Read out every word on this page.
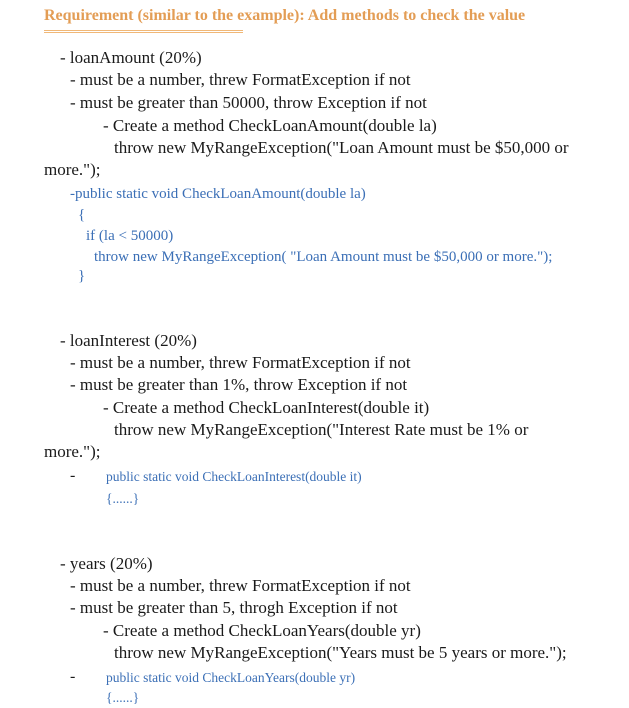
Requirement (similar to the example): Add methods to check the value
- loanAmount (20%)
- must be a number, threw FormatException if not
- must be greater than 50000, throw Exception if not
- Create a method CheckLoanAmount(double la)
throw new MyRangeException("Loan Amount must be $50,000 or
more.");
-public static void CheckLoanAmount(double la)
{
if (la < 50000)
throw new MyRangeException( "Loan Amount must be $50,000 or more.");
}
- loanInterest (20%)
- must be a number, threw FormatException if not
- must be greater than 1%, throw Exception if not
- Create a method CheckLoanInterest(double it)
throw new MyRangeException("Interest Rate must be 1% or
more.");
- public static void CheckLoanInterest(double it)
{......}
- years (20%)
- must be a number, threw FormatException if not
- must be greater than 5, throgh Exception if not
- Create a method CheckLoanYears(double yr)
throw new MyRangeException("Years must be 5 years or more.");
- public static void CheckLoanYears(double yr)
{......}
